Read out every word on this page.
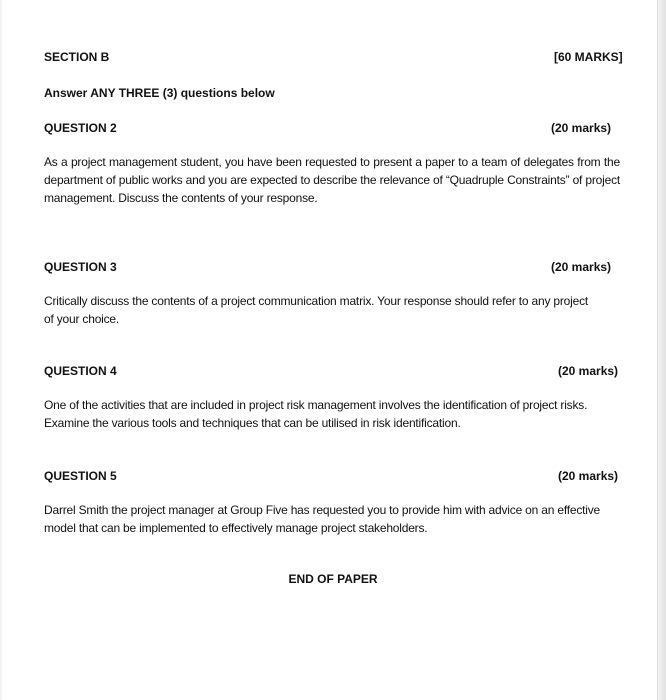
SECTION B	[60 MARKS]
Answer ANY THREE (3) questions below
QUESTION 2	(20 marks)
As a project management student, you have been requested to present a paper to a team of delegates from the department of public works and you are expected to describe the relevance of “Quadruple Constraints” of project management. Discuss the contents of your response.
QUESTION 3	(20 marks)
Critically discuss the contents of a project communication matrix. Your response should refer to any project of your choice.
QUESTION 4	(20 marks)
One of the activities that are included in project risk management involves the identification of project risks. Examine the various tools and techniques that can be utilised in risk identification.
QUESTION 5	(20 marks)
Darrel Smith the project manager at Group Five has requested you to provide him with advice on an effective model that can be implemented to effectively manage project stakeholders.
END OF PAPER
